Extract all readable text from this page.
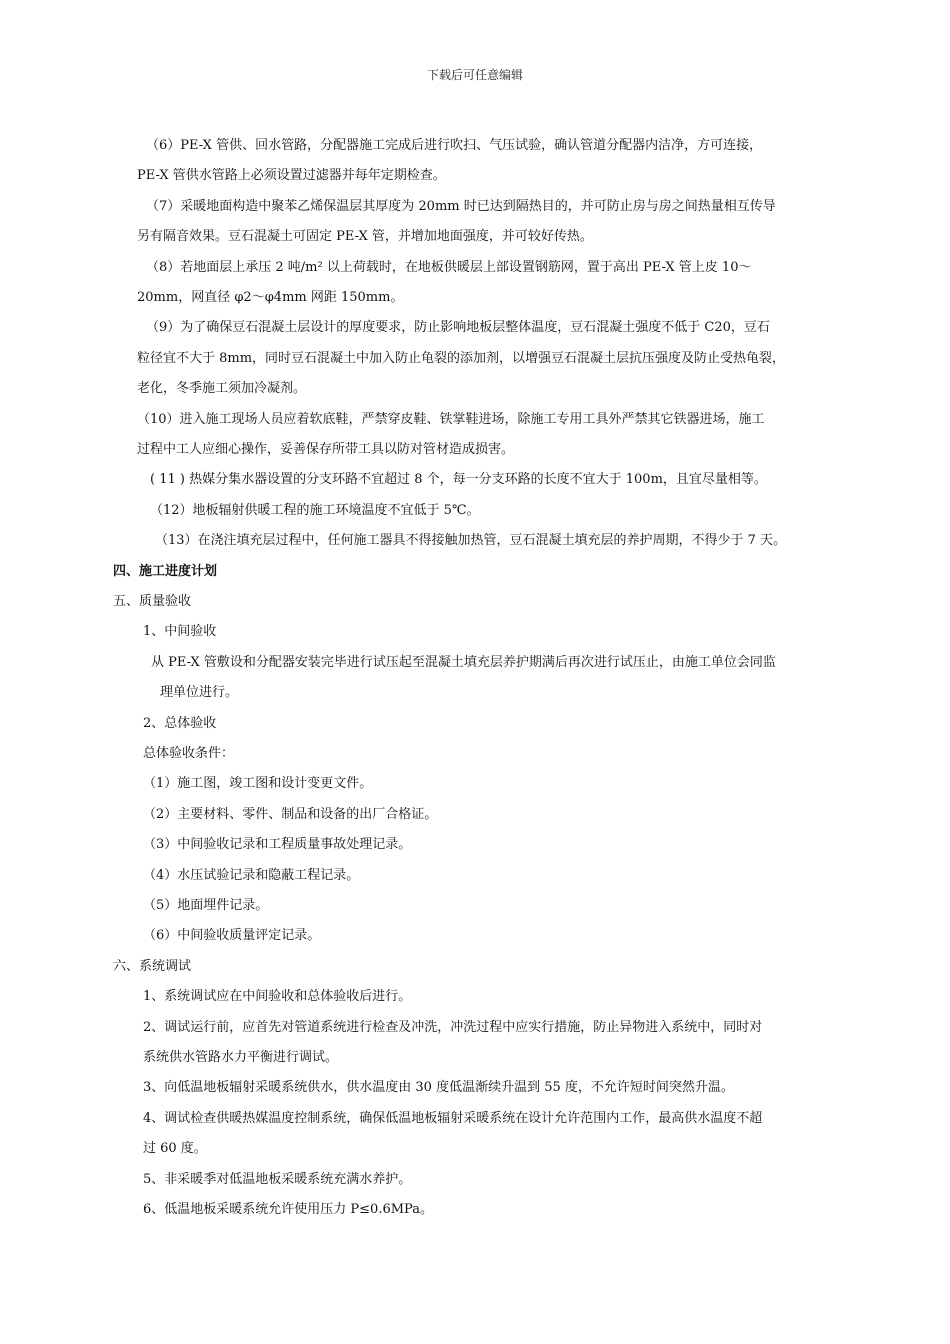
下载后可任意编辑
（6）PE-X 管供、回水管路，分配器施工完成后进行吹扫、气压试验，确认管道分配器内洁净，方可连接，
PE-X 管供水管路上必须设置过滤器并每年定期检查。
（7）采暖地面构造中聚苯乙烯保温层其厚度为 20mm 时已达到隔热目的，并可防止房与房之间热量相互传导
另有隔音效果。豆石混凝土可固定 PE-X 管，并增加地面强度，并可较好传热。
（8）若地面层上承压 2 吨/m² 以上荷载时，在地板供暖层上部设置钢筋网，置于高出 PE-X 管上皮 10～
20mm，网直径 φ2～φ4mm 网距 150mm。
（9）为了确保豆石混凝土层设计的厚度要求，防止影响地板层整体温度，豆石混凝土强度不低于 C20，豆石
粒径宜不大于 8mm，同时豆石混凝土中加入防止龟裂的添加剂，以增强豆石混凝土层抗压强度及防止受热龟裂，
老化，冬季施工须加冷凝剂。
（10）进入施工现场人员应着软底鞋，严禁穿皮鞋、铁掌鞋进场，除施工专用工具外严禁其它铁器进场，施工
过程中工人应细心操作，妥善保存所带工具以防对管材造成损害。
( 11 ) 热媒分集水器设置的分支环路不宜超过 8 个，每一分支环路的长度不宜大于 100m，且宜尽量相等。
（12）地板辐射供暖工程的施工环境温度不宜低于 5℃。
（13）在浇注填充层过程中，任何施工器具不得接触加热管，豆石混凝土填充层的养护周期，不得少于 7 天。
四、施工进度计划
五、质量验收
1、中间验收
从 PE-X 管敷设和分配器安装完毕进行试压起至混凝土填充层养护期满后再次进行试压止，由施工单位会同监
理单位进行。
2、总体验收
总体验收条件：
（1）施工图，竣工图和设计变更文件。
（2）主要材料、零件、制品和设备的出厂合格证。
（3）中间验收记录和工程质量事故处理记录。
（4）水压试验记录和隐蔽工程记录。
（5）地面埋件记录。
（6）中间验收质量评定记录。
六、系统调试
1、系统调试应在中间验收和总体验收后进行。
2、调试运行前，应首先对管道系统进行检查及冲洗，冲洗过程中应实行措施，防止异物进入系统中，同时对
系统供水管路水力平衡进行调试。
3、向低温地板辐射采暖系统供水，供水温度由 30 度低温渐续升温到 55 度，不允许短时间突然升温。
4、调试检查供暖热媒温度控制系统，确保低温地板辐射采暖系统在设计允许范围内工作，最高供水温度不超
过 60 度。
5、非采暖季对低温地板采暖系统充满水养护。
6、低温地板采暖系统允许使用压力 P≤0.6MPa。
